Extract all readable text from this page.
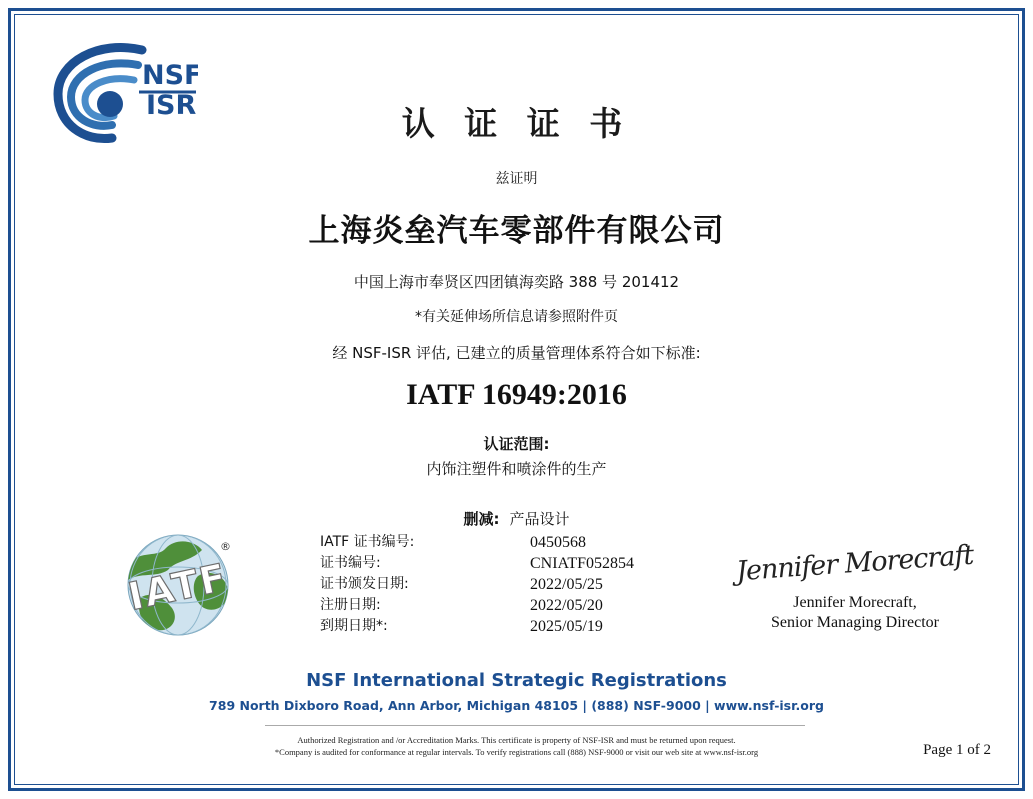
NSF
ISR	认 证 证 书
兹证明
上海炎垒汽车零部件有限公司
中国上海市奉贤区四团镇海奕路 388 号 201412
*有关延伸场所信息请参照附件页
经 NSF-ISR 评估, 已建立的质量管理体系符合如下标准:
IATF 16949:2016
认证范围:
内饰注塑件和喷涂件的生产
删减: 产品设计
IATF
®	IATF 证书编号:	0450568
证书编号:	CNIATF052854
证书颁发日期:	2022/05/25
注册日期:	2022/05/20
到期日期*:	2025/05/19
Jennifer Morecraft
Jennifer Morecraft,
Senior Managing Director
NSF International Strategic Registrations
789 North Dixboro Road, Ann Arbor, Michigan 48105 | (888) NSF-9000 | www.nsf-isr.org
Authorized Registration and /or Accreditation Marks. This certificate is property of NSF-ISR and must be returned upon request.
*Company is audited for conformance at regular intervals. To verify registrations call (888) NSF-9000 or visit our web site at www.nsf-isr.org	Page 1 of 2
